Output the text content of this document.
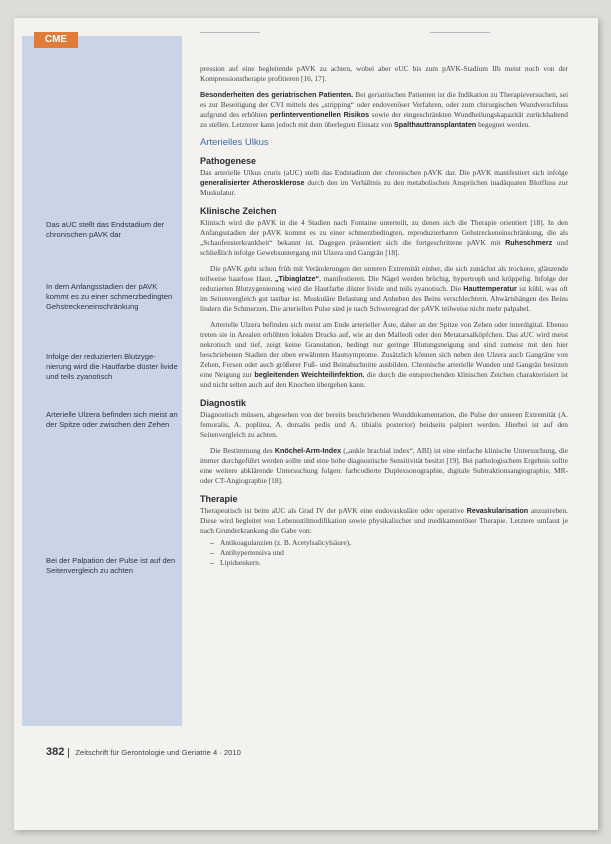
CME
Das aUC stellt das Endstadium der chronischen pAVK dar
In dem Anfangsstadien der pAVK kommt es zu einer schmerzbedingten Gehstreckeneinschränkung
Infolge der reduzierten Blutzygenierung wird die Hautfarbe düster livide und teils zyanotisch
Arterielle Ulzera befinden sich meist an der Spitze oder zwischen den Zehen
Bei der Palpation der Pulse ist auf den Seitenvergleich zu achten

pression auf eine begleitende pAVK zu achten, wobei aber eUC bis zum pAVK-Stadium IIb meist noch von der Kompressionstherapie profitieren [16, 17].

Besonderheiten des geriatrischen Patienten. Bei geriatrischen Patienten ist die Indikation zu Therapieversuchen, sei es zur Beseitigung der CVI mittels des „stripping“ oder endovenöser Verfahren, oder zum chirurgischen Wundverschluss aufgrund des erhöhten perlinterventionellen Risikos sowie der eingeschränkten Wundheilungskapazität zurückhaltend zu stellen. Letzterer kann jedoch mit dem überlegten Einsatz von Spalthauttransplantaten begegnet werden.

Arterielles Ulkus
Pathogenese

Das arterielle Ulkus cruris (aUC) stellt das Endstadium der chronischen pAVK dar. Die pAVK manifestiert sich infolge generalisierter Atherosklerose durch den im Verhältnis zu den metabolischen Ansprüchen inadäquaten Blutfluss zur Muskulatur.

Klinische Zeichen

Klinisch wird die pAVK in die 4 Stadien nach Fontaine unterteilt, zu denen sich die Therapie orientiert [18]. In den Anfangsstadien der pAVK kommt es zu einer schmerzbedingten, reproduzierbaren Gehstreckeneinschränkung, die als „Schaufensterkrankheit“ bekannt ist. Dagegen präsentiert sich die fortgeschrittene pAVK mit Ruheschmerz und schließlich infolge Gewebsuntergang mit Ulzera und Gangrän [18].

Die pAVK geht schon früh mit Veränderungen der unteren Extremität einher, die sich zunächst als trockene, glänzende teilweise haarlose Haut, „Tibiaglatze“, manifestieren. Die Nägel werden brüchig, hypertroph und krüppelig. Infolge der reduzierten Blutzygenierung wird die Hautfarbe düster livide und teils zyanotisch. Die Hauttemperatur ist kühl, was oft im Seitenvergleich gut tastbar ist. Muskuläre Belastung und Anheben des Beins verschlechtern. Abwärtshängen des Beins lindern die Schmerzen. Die arteriellen Pulse sind je nach Schweregrad der pAVK teilweise nicht mehr palpabel.

Arterielle Ulzera befinden sich meist am Ende arterieller Äste, daher an der Spitze von Zehen oder interdigital. Ebenso treten sie in Arealen erhöhten lokalen Drucks auf, wie an den Malleoli oder den Metatarsalköpfchen. Das aUC wird meist nekrotisch und tief, zeigt keine Granulation, bedingt nur geringe Blutungsneigung und sind zumeist mit den hier beschriebenen Stadien der oben erwähnten Hautsymptome. Zusätzlich können sich neben den Ulzera auch Gangräne von Zehen, Fersen oder auch größerer Fuß- und Beinabschnitte ausbilden. Chronische arterielle Wunden und Gangrän besitzen eine Neigung zur begleitenden Weichteilinfektion, die durch die entsprechenden klinischen Zeichen charakterisiert ist und nicht selten auch auf den Knochen übergehen kann.

Diagnostik

Diagnostisch müssen, abgesehen von der bereits beschriebenen Wunddokumentation, die Pulse der unteren Extremität (A. femoralis, A. poplitea, A. dorsalis pedis und A. tibialis posterior) beidseits palpiert werden. Hierbei ist auf den Seitenvergleich zu achten.

Die Bestimmung des Knöchel-Arm-Index („ankle brachial index“, ABI) ist eine einfache klinische Untersuchung, die immer durchgeführt werden sollte und eine hohe diagnostische Sensitivität besitzt [19]. Bei pathologischem Ergebnis sollte eine weitere abklärende Untersuchung folgen: farbcodierte Duplexsonographie, digitale Subtraktionsangiographie, MR- oder CT-Angiographie [18].

Therapie

Therapeutisch ist beim aUC als Grad IV der pAVK eine endovaskuläre oder operative Revaskularisation anzustreben. Diese wird begleitet von Lebensstilmodifikation sowie physikalischer und medikamentöser Therapie. Letztere umfasst je nach Grunderkrankung die Gabe von:

– Antikoagulanzien (z. B. Acetylsalicylsäure),
– Antihypertensiva und
– Lipidsenkern.
382 Zeitschrift für Gerontologie und Geriatrie 4 · 2010
